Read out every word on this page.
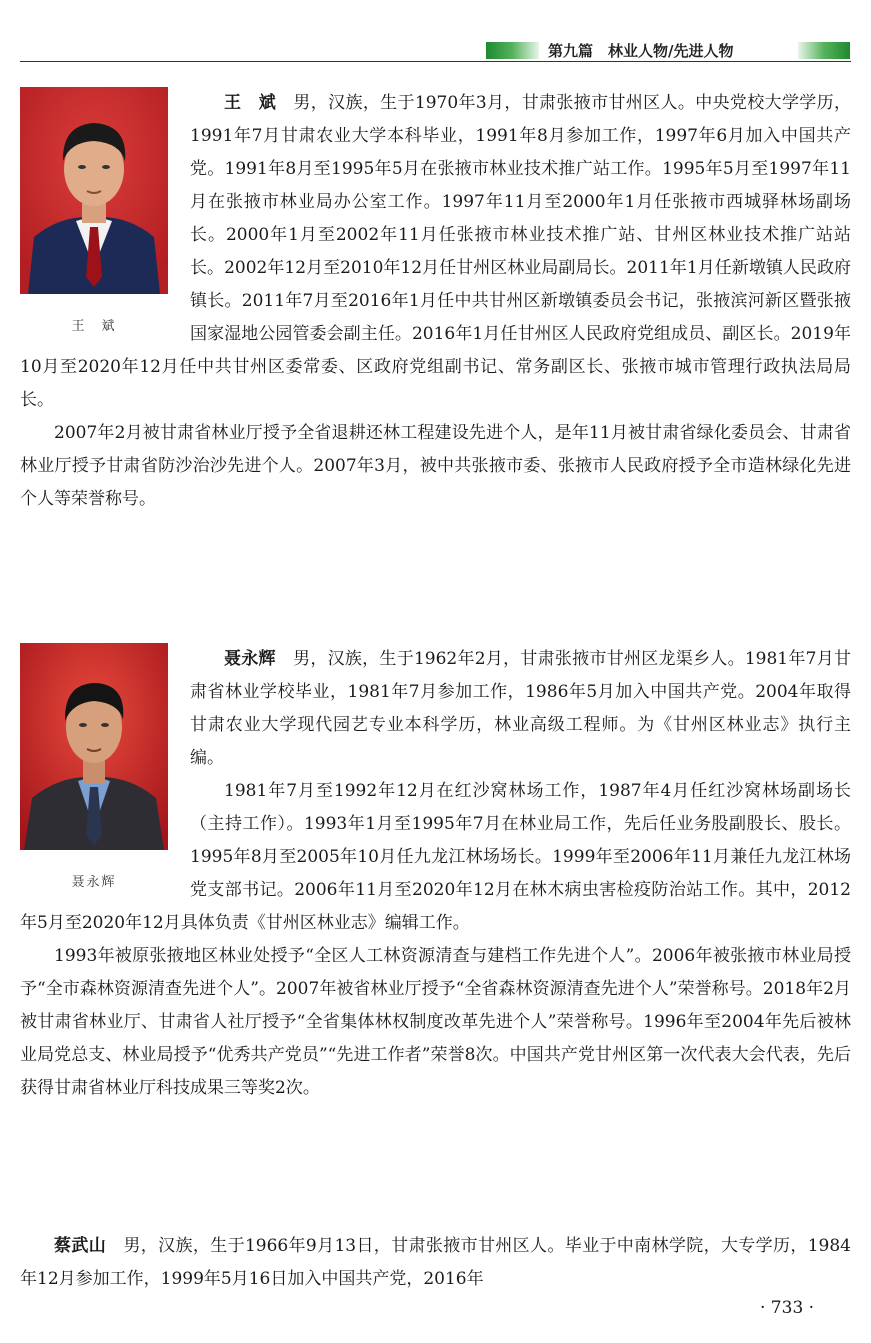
第九篇　林业人物/先进人物
王　斌

王　斌　 男，汉族，生于1970年3月，甘肃张掖市甘州区人。中央党校大学学历，1991年7月甘肃农业大学本科毕业，1991年8月参加工作，1997年6月加入中国共产党。1991年8月至1995年5月在张掖市林业技术推广站工作。1995年5月至1997年11月在张掖市林业局办公室工作。1997年11月至2000年1月任张掖市西城驿林场副场长。2000年1月至2002年11月任张掖市林业技术推广站、甘州区林业技术推广站站长。2002年12月至2010年12月任甘州区林业局副局长。2011年1月任新墩镇人民政府镇长。2011年7月至2016年1月任中共甘州区新墩镇委员会书记，张掖滨河新区暨张掖国家湿地公园管委会副主任。2016年1月任甘州区人民政府党组成员、副区长。2019年10月至2020年12月任中共甘州区委常委、区政府党组副书记、常务副区长、张掖市城市管理行政执法局局长。

2007年2月被甘肃省林业厅授予全省退耕还林工程建设先进个人，是年11月被甘肃省绿化委员会、甘肃省林业厅授予甘肃省防沙治沙先进个人。2007年3月，被中共张掖市委、张掖市人民政府授予全市造林绿化先进个人等荣誉称号。

聂永辉

聂永辉　 男，汉族，生于1962年2月，甘肃张掖市甘州区龙渠乡人。1981年7月甘肃省林业学校毕业，1981年7月参加工作，1986年5月加入中国共产党。2004年取得甘肃农业大学现代园艺专业本科学历，林业高级工程师。为《甘州区林业志》执行主编。

1981年7月至1992年12月在红沙窝林场工作，1987年4月任红沙窝林场副场长（主持工作）。1993年1月至1995年7月在林业局工作，先后任业务股副股长、股长。1995年8月至2005年10月任九龙江林场场长。1999年至2006年11月兼任九龙江林场党支部书记。2006年11月至2020年12月在林木病虫害检疫防治站工作。其中，2012年5月至2020年12月具体负责《甘州区林业志》编辑工作。

1993年被原张掖地区林业处授予“全区人工林资源清查与建档工作先进个人”。2006年被张掖市林业局授予“全市森林资源清查先进个人”。2007年被省林业厅授予“全省森林资源清查先进个人”荣誉称号。2018年2月被甘肃省林业厅、甘肃省人社厅授予“全省集体林权制度改革先进个人”荣誉称号。1996年至2004年先后被林业局党总支、林业局授予“优秀共产党员”“先进工作者”荣誉8次。中国共产党甘州区第一次代表大会代表，先后获得甘肃省林业厅科技成果三等奖2次。

蔡武山　 男，汉族，生于1966年9月13日，甘肃张掖市甘州区人。毕业于中南林学院，大专学历，1984年12月参加工作，1999年5月16日加入中国共产党，2016年

· 733 ·
